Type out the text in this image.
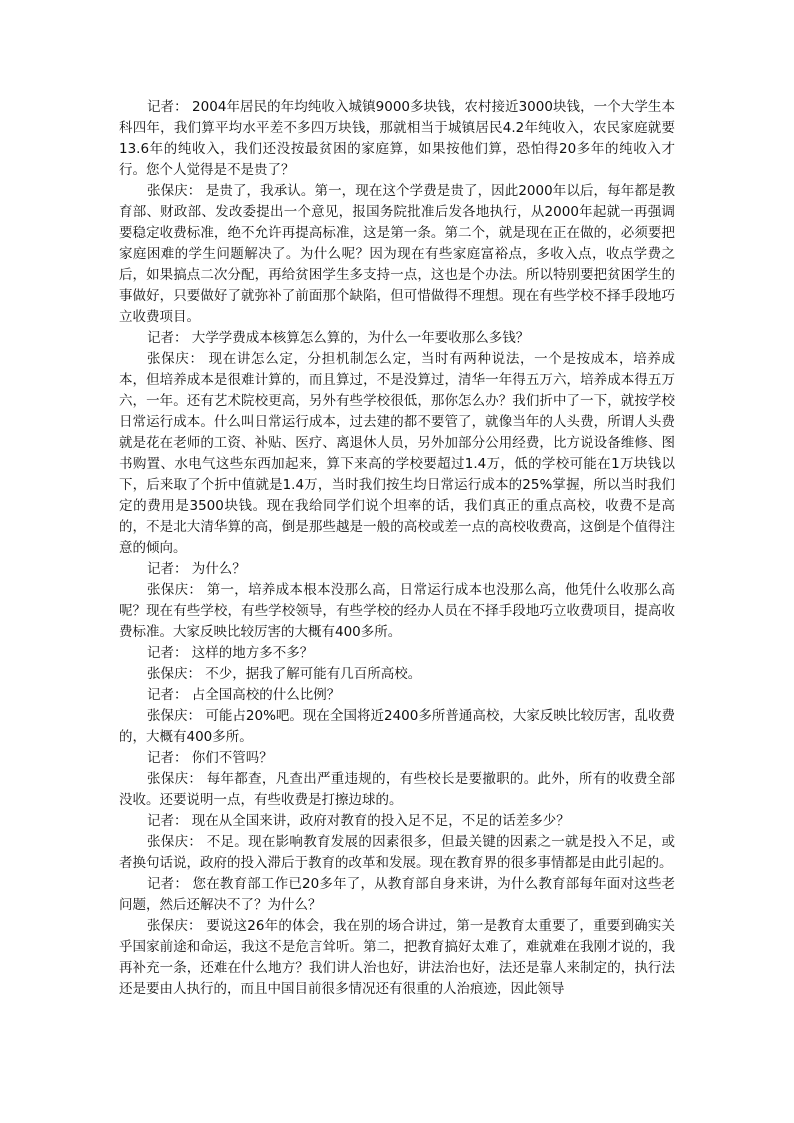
记者： 2004年居民的年均纯收入城镇9000多块钱，农村接近3000块钱，一个大学生本科四年，我们算平均水平差不多四万块钱，那就相当于城镇居民4.2年纯收入，农民家庭就要13.6年的纯收入，我们还没按最贫困的家庭算，如果按他们算，恐怕得20多年的纯收入才行。您个人觉得是不是贵了？

张保庆： 是贵了，我承认。第一，现在这个学费是贵了，因此2000年以后，每年都是教育部、财政部、发改委提出一个意见，报国务院批准后发各地执行，从2000年起就一再强调要稳定收费标准，绝不允许再提高标准，这是第一条。第二个，就是现在正在做的，必须要把家庭困难的学生问题解决了。为什么呢？因为现在有些家庭富裕点，多收入点，收点学费之后，如果搞点二次分配，再给贫困学生多支持一点，这也是个办法。所以特别要把贫困学生的事做好，只要做好了就弥补了前面那个缺陷，但可惜做得不理想。现在有些学校不择手段地巧立收费项目。

记者： 大学学费成本核算怎么算的，为什么一年要收那么多钱？

张保庆： 现在讲怎么定，分担机制怎么定，当时有两种说法，一个是按成本，培养成本，但培养成本是很难计算的，而且算过，不是没算过，清华一年得五万六，培养成本得五万六，一年。还有艺术院校更高，另外有些学校很低，那你怎么办？我们折中了一下，就按学校日常运行成本。什么叫日常运行成本，过去建的都不要管了，就像当年的人头费，所谓人头费就是花在老师的工资、补贴、医疗、离退休人员，另外加部分公用经费，比方说设备维修、图书购置、水电气这些东西加起来，算下来高的学校要超过1.4万，低的学校可能在1万块钱以下，后来取了个折中值就是1.4万，当时我们按生均日常运行成本的25%掌握，所以当时我们定的费用是3500块钱。现在我给同学们说个坦率的话，我们真正的重点高校，收费不是高的，不是北大清华算的高，倒是那些越是一般的高校或差一点的高校收费高，这倒是个值得注意的倾向。

记者： 为什么？

张保庆： 第一，培养成本根本没那么高，日常运行成本也没那么高，他凭什么收那么高呢？现在有些学校，有些学校领导，有些学校的经办人员在不择手段地巧立收费项目，提高收费标准。大家反映比较厉害的大概有400多所。

记者： 这样的地方多不多？

张保庆： 不少，据我了解可能有几百所高校。

记者： 占全国高校的什么比例？

张保庆： 可能占20%吧。现在全国将近2400多所普通高校，大家反映比较厉害，乱收费的，大概有400多所。

记者： 你们不管吗？

张保庆： 每年都查，凡查出严重违规的，有些校长是要撤职的。此外，所有的收费全部没收。还要说明一点，有些收费是打擦边球的。

记者： 现在从全国来讲，政府对教育的投入足不足，不足的话差多少？

张保庆： 不足。现在影响教育发展的因素很多，但最关键的因素之一就是投入不足，或者换句话说，政府的投入滞后于教育的改革和发展。现在教育界的很多事情都是由此引起的。

记者： 您在教育部工作已20多年了，从教育部自身来讲，为什么教育部每年面对这些老问题，然后还解决不了？为什么？

张保庆： 要说这26年的体会，我在别的场合讲过，第一是教育太重要了，重要到确实关乎国家前途和命运，我这不是危言耸听。第二，把教育搞好太难了，难就难在我刚才说的，我再补充一条，还难在什么地方？我们讲人治也好，讲法治也好，法还是靠人来制定的，执行法还是要由人执行的，而且中国目前很多情况还有很重的人治痕迹，因此领导
